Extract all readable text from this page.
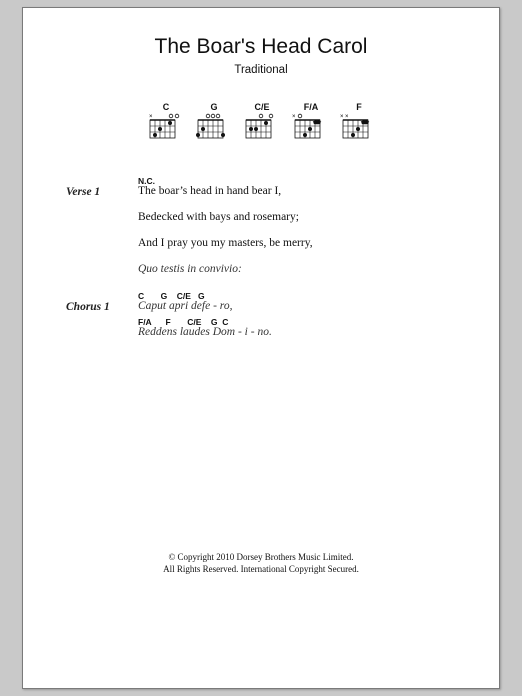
The Boar's Head Carol
Traditional
C
×
G	C/E	F/A
×
F
× ×
N.C.
Verse 1	The boar’s head in hand bear I,
Bedecked with bays and rosemary;
And I pray you my masters, be merry,
Quo testis in convivio:
C       G    C/E   G
Chorus 1 Caput apri defe - ro,
F/A      F       C/E    G  C
Reddens laudes Dom - i - no.
© Copyright 2010 Dorsey Brothers Music Limited.
All Rights Reserved. International Copyright Secured.
